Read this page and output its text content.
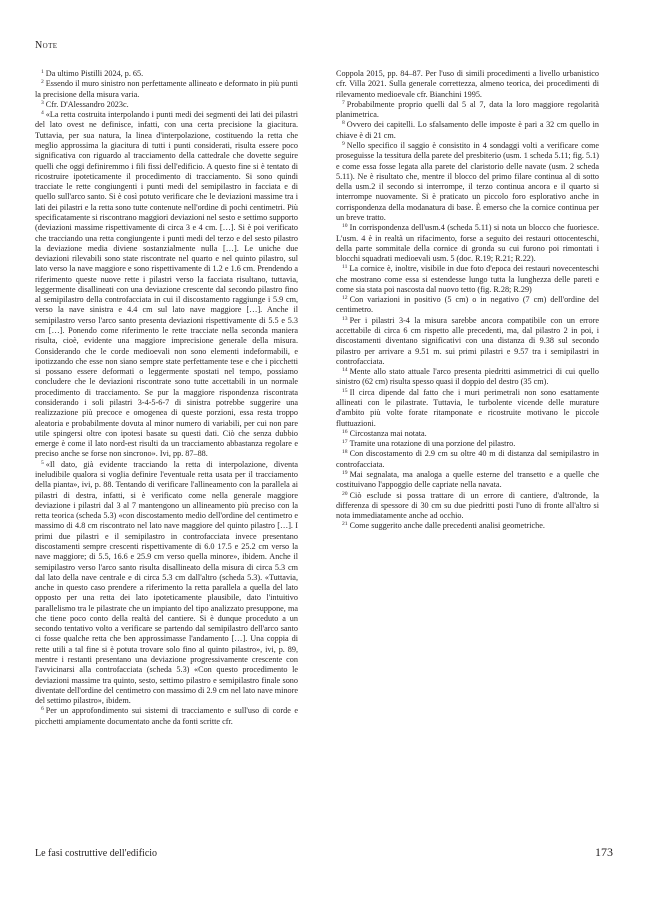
Note

$^1$ Da ultimo Pistilli 2024, p. 65.

$^2$ Essendo il muro sinistro non perfettamente allineato e deformato in più punti la precisione della misura varia.

$^3$ Cfr. D'Alessandro 2023c.

$^4$ «La retta costruita interpolando i punti medi dei segmenti dei lati dei pilastri del lato ovest ne definisce, infatti, con una certa precisione la giacitura. Tuttavia, per sua natura, la linea d'interpolazione, costituendo la retta che meglio approssima la giacitura di tutti i punti considerati, risulta essere poco significativa con riguardo al tracciamento della cattedrale che dovette seguire quelli che oggi definiremmo i fili fissi dell'edificio. A questo fine si è tentato di ricostruire ipoteticamente il procedimento di tracciamento. Si sono quindi tracciate le rette congiungenti i punti medi del semipilastro in facciata e di quello sull'arco santo. Si è così potuto verificare che le deviazioni massime tra i lati dei pilastri e la retta sono tutte contenute nell'ordine di pochi centimetri. Più specificatamente si riscontrano maggiori deviazioni nel sesto e settimo supporto (deviazioni massime rispettivamente di circa 3 e 4 cm. […]. Si è poi verificato che tracciando una retta congiungente i punti medi del terzo e del sesto pilastro la deviazione media diviene sostanzialmente nulla […]. Le uniche due deviazioni rilevabili sono state riscontrate nel quarto e nel quinto pilastro, sul lato verso la nave maggiore e sono rispettivamente di 1.2 e 1.6 cm. Prendendo a riferimento queste nuove rette i pilastri verso la facciata risultano, tuttavia, leggermente disallineati con una deviazione crescente dal secondo pilastro fino al semipilastro della controfacciata in cui il discostamento raggiunge i 5.9 cm, verso la nave sinistra e 4.4 cm sul lato nave maggiore […]. Anche il semipilastro verso l'arco santo presenta deviazioni rispettivamente di 5.5 e 5.3 cm […]. Ponendo come riferimento le rette tracciate nella seconda maniera risulta, cioè, evidente una maggiore imprecisione generale della misura. Considerando che le corde medioevali non sono elementi indeformabili, e ipotizzando che esse non siano sempre state perfettamente tese e che i picchetti si possano essere deformati o leggermente spostati nel tempo, possiamo concludere che le deviazioni riscontrate sono tutte accettabili in un normale procedimento di tracciamento. Se pur la maggiore rispondenza riscontrata considerando i soli pilastri 3-4-5-6-7 di sinistra potrebbe suggerire una realizzazione più precoce e omogenea di queste porzioni, essa resta troppo aleatoria e probabilmente dovuta al minor numero di variabili, per cui non pare utile spingersi oltre con ipotesi basate su questi dati. Ciò che senza dubbio emerge è come il lato nord-est risulti da un tracciamento abbastanza regolare e preciso anche se forse non sincrono». Ivi, pp. 87–88.

$^5$ «Il dato, già evidente tracciando la retta di interpolazione, diventa ineludibile qualora si voglia definire l'eventuale retta usata per il tracciamento della pianta», ivi, p. 88. Tentando di verificare l'allineamento con la parallela ai pilastri di destra, infatti, si è verificato come nella generale maggiore deviazione i pilastri dal 3 al 7 mantengono un allineamento più preciso con la retta teorica (scheda 5.3) «con discostamento medio dell'ordine del centimetro e massimo di 4.8 cm riscontrato nel lato nave maggiore del quinto pilastro […]. I primi due pilastri e il semipilastro in controfacciata invece presentano discostamenti sempre crescenti rispettivamente di 6.0 17.5 e 25.2 cm verso la nave maggiore; di 5.5, 16.6 e 25.9 cm verso quella minore», ibidem. Anche il semipilastro verso l'arco santo risulta disallineato della misura di circa 5.3 cm dal lato della nave centrale e di circa 5.3 cm dall'altro (scheda 5.3). «Tuttavia, anche in questo caso prendere a riferimento la retta parallela a quella del lato opposto per una retta dei lato ipoteticamente plausibile, dato l'intuitivo parallelismo tra le pilastrate che un impianto del tipo analizzato presuppone, ma che tiene poco conto della realtà del cantiere. Si è dunque proceduto a un secondo tentativo volto a verificare se partendo dal semipilastro dell'arco santo ci fosse qualche retta che ben approssimasse l'andamento […]. Una coppia di rette utili a tal fine si è potuta trovare solo fino al quinto pilastro», ivi, p. 89, mentre i restanti presentano una deviazione progressivamente crescente con l'avvicinarsi alla controfacciata (scheda 5.3) «Con questo procedimento le deviazioni massime tra quinto, sesto, settimo pilastro e semipilastro finale sono diventate dell'ordine del centimetro con massimo di 2.9 cm nel lato nave minore del settimo pilastro», ibidem.

$^6$ Per un approfondimento sui sistemi di tracciamento e sull'uso di corde e picchetti ampiamente documentato anche da fonti scritte cfr.

Coppola 2015, pp. 84–87. Per l'uso di simili procedimenti a livello urbanistico cfr. Villa 2021. Sulla generale correttezza, almeno teorica, dei procedimenti di rilevamento medioevale cfr. Bianchini 1995.

$^7$ Probabilmente proprio quelli dal 5 al 7, data la loro maggiore regolarità planimetrica.

$^8$ Ovvero dei capitelli. Lo sfalsamento delle imposte è pari a 32 cm quello in chiave è di 21 cm.

$^9$ Nello specifico il saggio è consistito in 4 sondaggi volti a verificare come proseguisse la tessitura della parete del presbiterio (usm. 1 scheda 5.11; fig. 5.1) e come essa fosse legata alla parete del claristorio delle navate (usm. 2 scheda 5.11). Ne è risultato che, mentre il blocco del primo filare continua al di sotto della usm.2 il secondo si interrompe, il terzo continua ancora e il quarto si interrompe nuovamente. Si è praticato un piccolo foro esplorativo anche in corrispondenza della modanatura di base. È emerso che la cornice continua per un breve tratto.

$^{10}$ In corrispondenza dell'usm.4 (scheda 5.11) si nota un blocco che fuoriesce. L'usm. 4 è in realtà un rifacimento, forse a seguito dei restauri ottocenteschi, della parte sommitale della cornice di gronda su cui furono poi rimontati i blocchi squadrati medioevali usm. 5 (doc. R.19; R.21; R.22).

$^{11}$ La cornice è, inoltre, visibile in due foto d'epoca dei restauri novecenteschi che mostrano come essa si estendesse lungo tutta la lunghezza delle pareti e come sia stata poi nascosta dal nuovo tetto (fig. R.28; R.29)

$^{12}$ Con variazioni in positivo (5 cm) o in negativo (7 cm) dell'ordine del centimetro.

$^{13}$ Per i pilastri 3-4 la misura sarebbe ancora compatibile con un errore accettabile di circa 6 cm rispetto alle precedenti, ma, dal pilastro 2 in poi, i discostamenti diventano significativi con una distanza di 9.38 sul secondo pilastro per arrivare a 9.51 m. sui primi pilastri e 9.57 tra i semipilastri in controfacciata.

$^{14}$ Mente allo stato attuale l'arco presenta piedritti asimmetrici di cui quello sinistro (62 cm) risulta spesso quasi il doppio del destro (35 cm).

$^{15}$ Il circa dipende dal fatto che i muri perimetrali non sono esattamente allineati con le pilastrate. Tuttavia, le turbolente vicende delle murature d'ambito più volte forate ritamponate e ricostruite motivano le piccole fluttuazioni.

$^{16}$ Circostanza mai notata.

$^{17}$ Tramite una rotazione di una porzione del pilastro.

$^{18}$ Con discostamento di 2.9 cm su oltre 40 m di distanza dal semipilastro in controfacciata.

$^{19}$ Mai segnalata, ma analoga a quelle esterne del transetto e a quelle che costituivano l'appoggio delle capriate nella navata.

$^{20}$ Ciò esclude si possa trattare di un errore di cantiere, d'altronde, la differenza di spessore di 30 cm su due piedritti posti l'uno di fronte all'altro si nota immediatamente anche ad occhio.

$^{21}$ Come suggerito anche dalle precedenti analisi geometriche.

Le fasi costruttive dell'edificio	173
